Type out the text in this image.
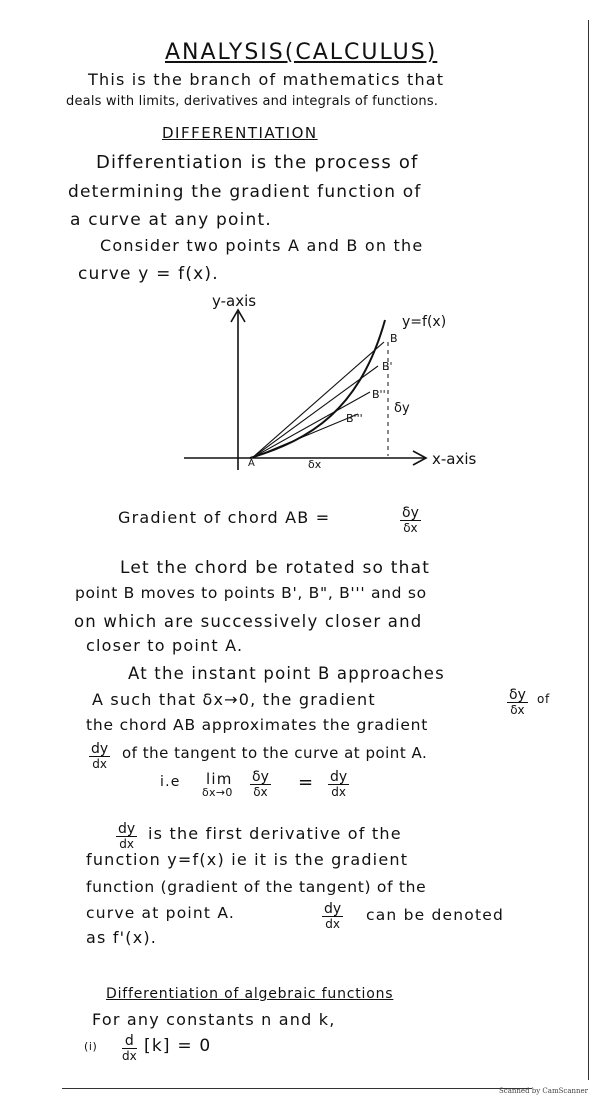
ANALYSIS(CALCULUS)
This is the branch of mathematics that
deals with limits, derivatives and integrals of functions.
DIFFERENTIATION
Differentiation is the process of
determining the gradient function of
a curve at any point.
Consider two points A and B on the
curve y = f(x).
y-axis
x-axis
y=f(x)
A
B
B'
B''
B'''
δx
δy
Gradient of chord AB =	$\frac{\delta y}{\delta x}$
Let the chord be rotated so that
point B moves to points B', B", B''' and so
on which are successively closer and
closer to point A.
At the instant point B approaches
A such that δx→0, the gradient	$\frac{\delta y}{\delta x}$ of
the chord AB approximates the gradient
$\frac{dy}{dx}$ of the tangent to the curve at point A.
i.e lim
$\delta x\to 0 \frac{\delta y}{\delta x} = \frac{dy}{dx}$
$\frac{dy}{dx}$ is the first derivative of the
function y=f(x) ie it is the gradient
function (gradient of the tangent) of the
curve at point A.	$\frac{dy}{dx}$ can be denoted
as f'(x).
Differentiation of algebraic functions
For any constants n and k,
$(i) \frac{d}{dx} [k] = 0$
Scanned by CamScanner
